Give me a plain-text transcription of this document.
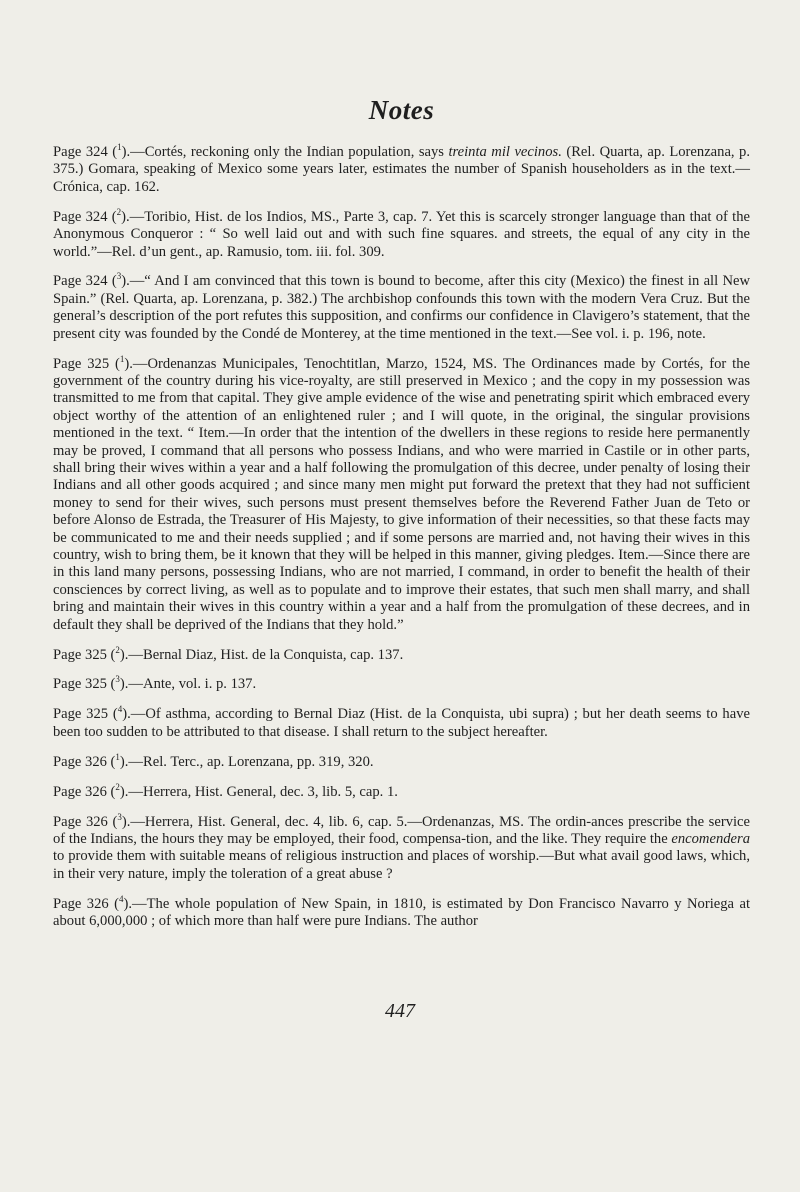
Notes

Page 324 ($^1$).—Cortés, reckoning only the Indian population, says treinta mil vecinos. (Rel. Quarta, ap. Lorenzana, p. 375.) Gomara, speaking of Mexico some years later, estimates the number of Spanish householders as in the text.—Crónica, cap. 162.

Page 324 ($^2$).—Toribio, Hist. de los Indios, MS., Parte 3, cap. 7. Yet this is scarcely stronger language than that of the Anonymous Conqueror : “ So well laid out and with such fine squares. and streets, the equal of any city in the world.”—Rel. d’un gent., ap. Ramusio, tom. iii. fol. 309.

Page 324 ($^3$).—“ And I am convinced that this town is bound to become, after this city (Mexico) the finest in all New Spain.” (Rel. Quarta, ap. Lorenzana, p. 382.) The archbishop confounds this town with the modern Vera Cruz. But the general’s description of the port refutes this supposition, and confirms our confidence in Clavigero’s statement, that the present city was founded by the Condé de Monterey, at the time mentioned in the text.—See vol. i. p. 196, note.

Page 325 ($^1$).—Ordenanzas Municipales, Tenochtitlan, Marzo, 1524, MS. The Ordinances made by Cortés, for the government of the country during his vice-royalty, are still preserved in Mexico ; and the copy in my possession was transmitted to me from that capital. They give ample evidence of the wise and penetrating spirit which embraced every object worthy of the attention of an enlightened ruler ; and I will quote, in the original, the singular provisions mentioned in the text. “ Item.—In order that the intention of the dwellers in these regions to reside here permanently may be proved, I command that all persons who possess Indians, and who were married in Castile or in other parts, shall bring their wives within a year and a half following the promulgation of this decree, under penalty of losing their Indians and all other goods acquired ; and since many men might put forward the pretext that they had not sufficient money to send for their wives, such persons must present themselves before the Reverend Father Juan de Teto or before Alonso de Estrada, the Treasurer of His Majesty, to give information of their necessities, so that these facts may be communicated to me and their needs supplied ; and if some persons are married and, not having their wives in this country, wish to bring them, be it known that they will be helped in this manner, giving pledges. Item.—Since there are in this land many persons, possessing Indians, who are not married, I command, in order to benefit the health of their consciences by correct living, as well as to populate and to improve their estates, that such men shall marry, and shall bring and maintain their wives in this country within a year and a half from the promulgation of these decrees, and in default they shall be deprived of the Indians that they hold.”

Page 325 ($^2$).—Bernal Diaz, Hist. de la Conquista, cap. 137.

Page 325 ($^3$).—Ante, vol. i. p. 137.

Page 325 ($^4$).—Of asthma, according to Bernal Diaz (Hist. de la Conquista, ubi supra) ; but her death seems to have been too sudden to be attributed to that disease. I shall return to the subject hereafter.

Page 326 ($^1$).—Rel. Terc., ap. Lorenzana, pp. 319, 320.

Page 326 ($^2$).—Herrera, Hist. General, dec. 3, lib. 5, cap. 1.

Page 326 ($^3$).—Herrera, Hist. General, dec. 4, lib. 6, cap. 5.—Ordenanzas, MS. The ordin-ances prescribe the service of the Indians, the hours they may be employed, their food, compensa-tion, and the like. They require the encomendera to provide them with suitable means of religious instruction and places of worship.—But what avail good laws, which, in their very nature, imply the toleration of a great abuse ?

Page 326 ($^4$).—The whole population of New Spain, in 1810, is estimated by Don Francisco Navarro y Noriega at about 6,000,000 ; of which more than half were pure Indians. The author

447
